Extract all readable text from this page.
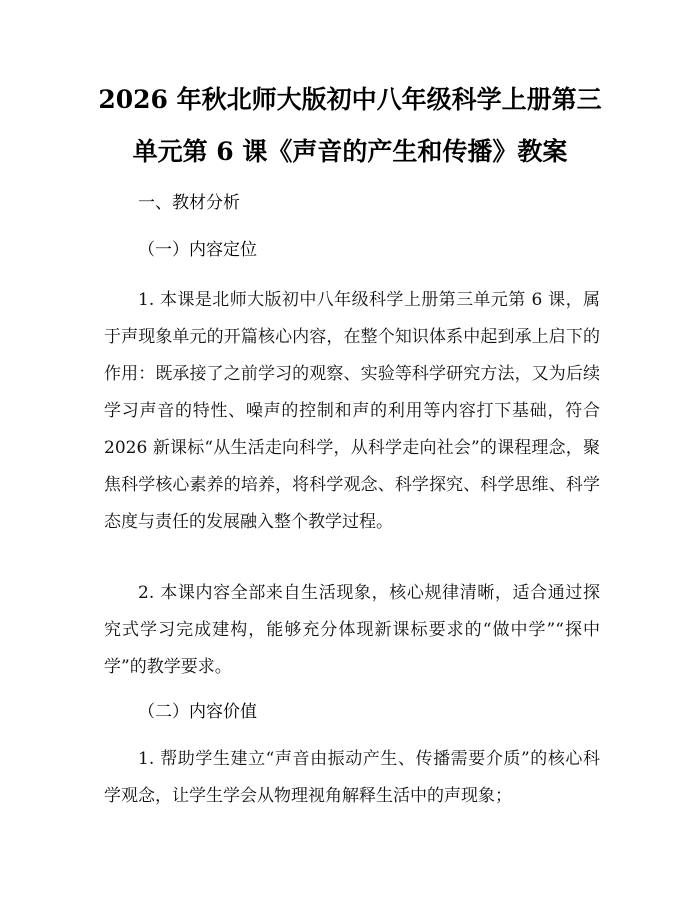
2026 年秋北师大版初中八年级科学上册第三
单元第 6 课《声音的产生和传播》教案

一、教材分析

（一）内容定位

1. 本课是北师大版初中八年级科学上册第三单元第 6 课，属于声现象单元的开篇核心内容，在整个知识体系中起到承上启下的作用：既承接了之前学习的观察、实验等科学研究方法，又为后续学习声音的特性、噪声的控制和声的利用等内容打下基础，符合 2026 新课标“从生活走向科学，从科学走向社会”的课程理念，聚焦科学核心素养的培养，将科学观念、科学探究、科学思维、科学态度与责任的发展融入整个教学过程。

2. 本课内容全部来自生活现象，核心规律清晰，适合通过探究式学习完成建构，能够充分体现新课标要求的“做中学”“探中学”的教学要求。

（二）内容价值

1. 帮助学生建立“声音由振动产生、传播需要介质”的核心科学观念，让学生学会从物理视角解释生活中的声现象；
